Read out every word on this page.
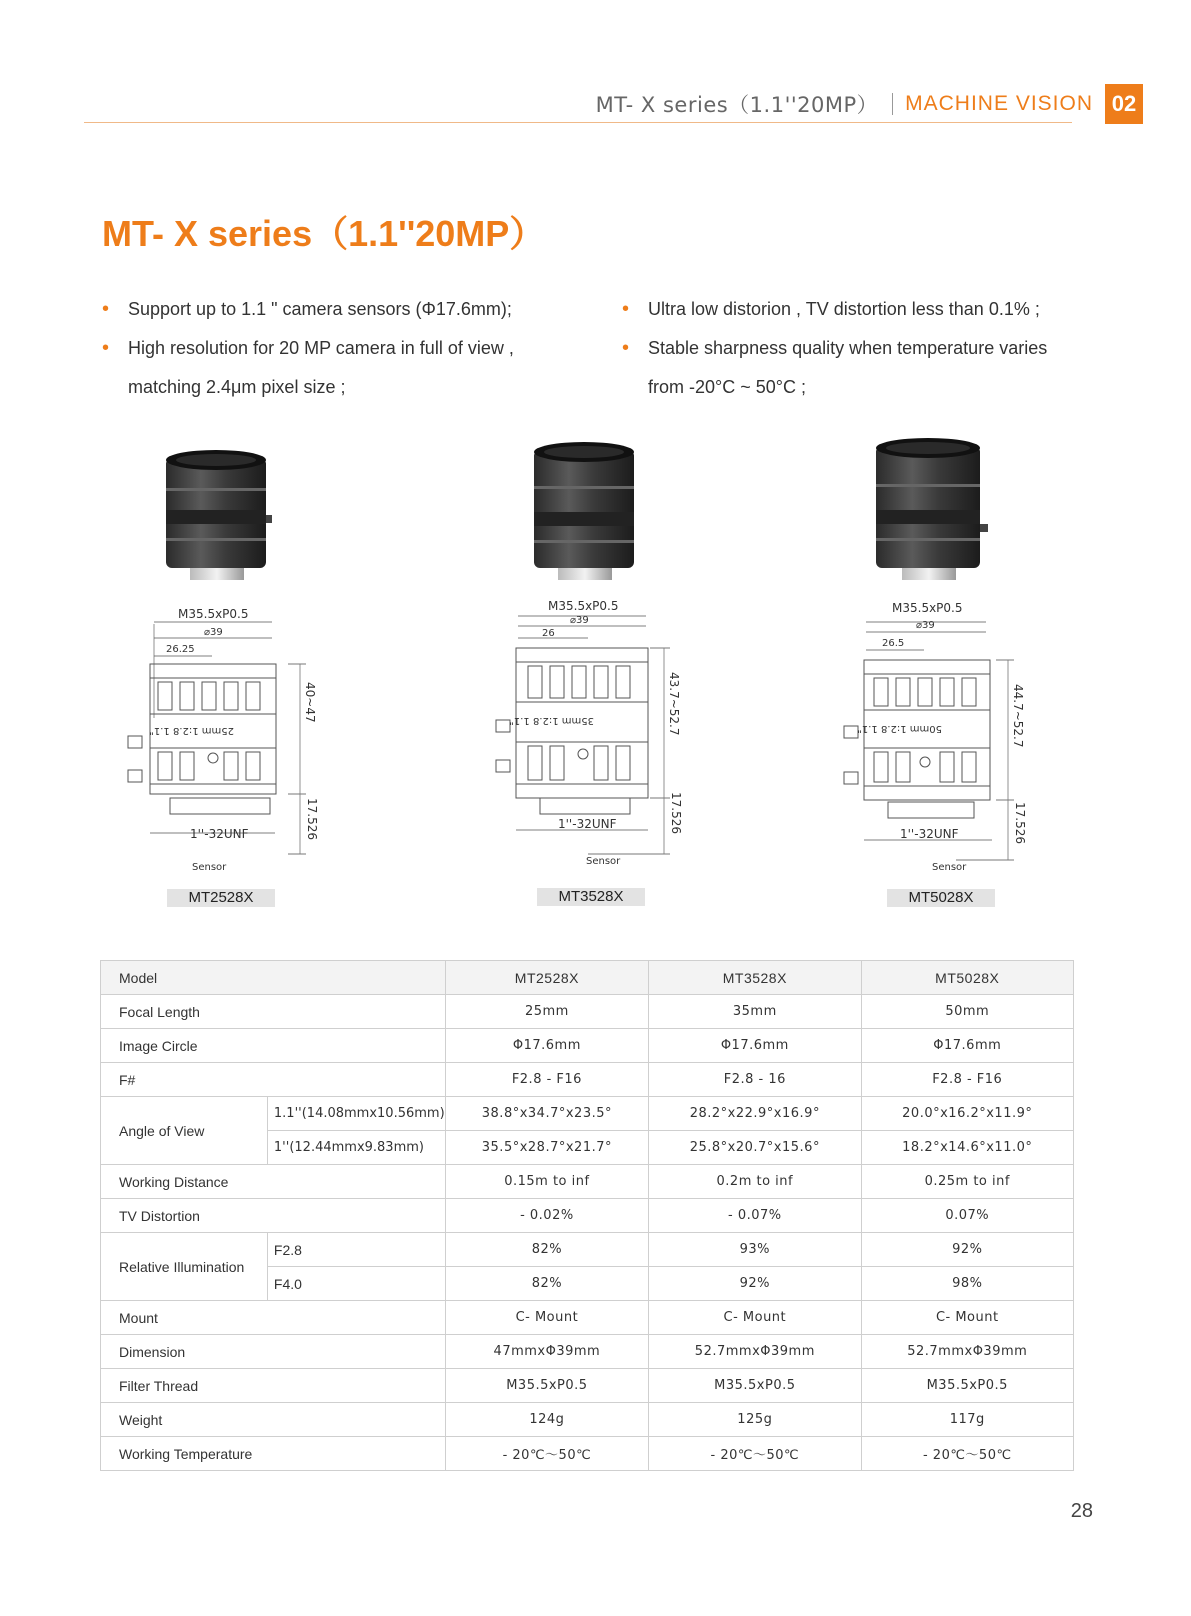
MT- X series（1.1''20MP） MACHINE VISION 02
MT- X series（1.1''20MP）
• Support up to 1.1 " camera sensors (Φ17.6mm);
• High resolution for 20 MP camera in full of view ,
matching 2.4μm pixel size ;
• Ultra low distorion , TV distortion less than 0.1% ;
• Stable sharpness quality when temperature varies
from -20°C ~ 50°C ;
M35.5xP0.5
⌀39
26.25
25mm 1:2.8 1.1"
40~47
17.526
1''-32UNF
Sensor
MT2528X
M35.5xP0.5
⌀39
26
35mm 1:2.8 1.1"	43.7~52.7
17.526
1''-32UNF
Sensor
MT3528X
M35.5xP0.5
⌀39
26.5
50mm 1:2.8 1.1"	44.7~52.7
17.526
1''-32UNF
Sensor
MT5028X
Model		MT2528X	MT3528X	MT5028X
Focal Length		25mm	35mm	50mm
Image Circle		Φ17.6mm	Φ17.6mm	Φ17.6mm
F#		F2.8 - F16	F2.8 - 16	F2.8 - F16
Angle of View	1.1''(14.08mmx10.56mm)	38.8°x34.7°x23.5°	28.2°x22.9°x16.9°	20.0°x16.2°x11.9°
	1''(12.44mmx9.83mm)	35.5°x28.7°x21.7°	25.8°x20.7°x15.6°	18.2°x14.6°x11.0°
Working Distance		0.15m to inf	0.2m to inf	0.25m to inf
TV Distortion		- 0.02%	- 0.07%	0.07%
Relative Illumination	F2.8	82%	93%	92%
	F4.0	82%	92%	98%
Mount		C- Mount	C- Mount	C- Mount
Dimension		47mmxΦ39mm	52.7mmxΦ39mm	52.7mmxΦ39mm
Filter Thread		M35.5xP0.5	M35.5xP0.5	M35.5xP0.5
Weight		124g	125g	117g
Working Temperature		- 20℃～50℃	- 20℃～50℃	- 20℃～50℃
28
